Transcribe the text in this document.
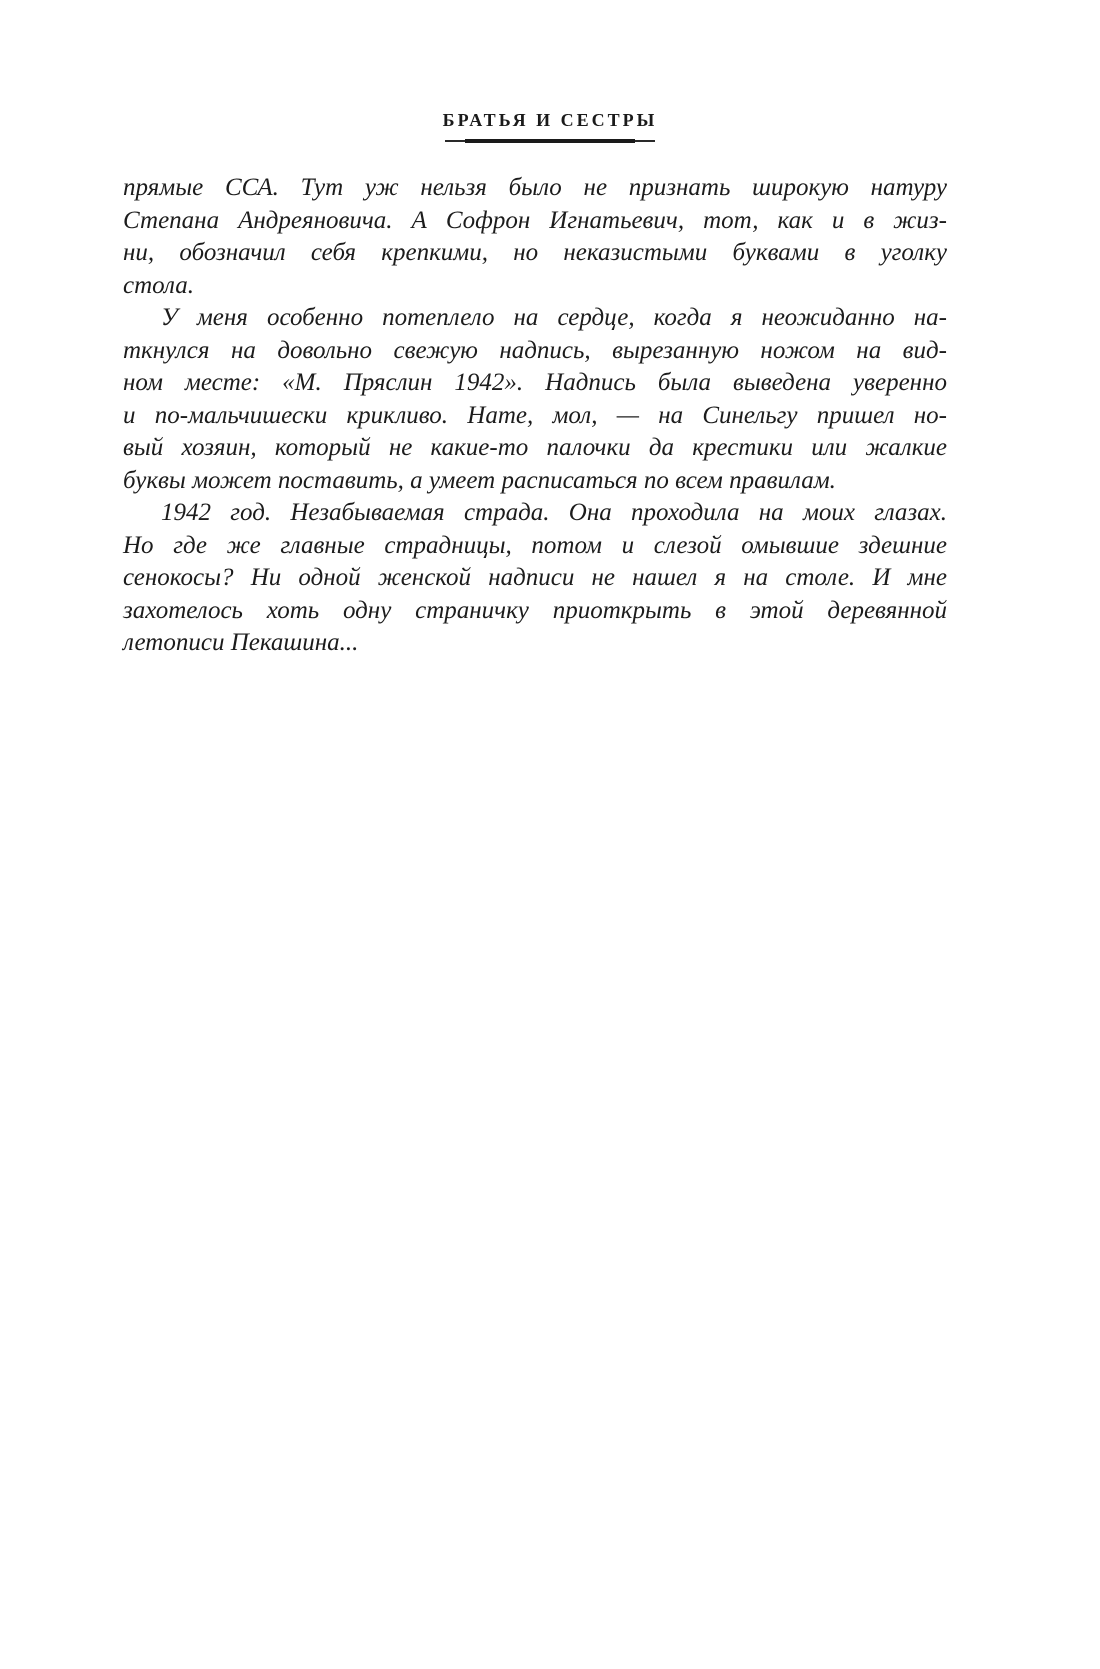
БРАТЬЯ И СЕСТРЫ
прямые ССА. Тут уж нельзя было не признать широкую натуру
Степана Андреяновича. А Софрон Игнатьевич, тот, как и в жиз-
ни, обозначил себя крепкими, но неказистыми буквами в уголку
стола.
У меня особенно потеплело на сердце, когда я неожиданно на-
ткнулся на довольно свежую надпись, вырезанную ножом на вид-
ном месте: «М. Пряслин 1942». Надпись была выведена уверенно
и по-мальчишески крикливо. Нате, мол, — на Синельгу пришел но-
вый хозяин, который не какие-то палочки да крестики или жалкие
буквы может поставить, а умеет расписаться по всем правилам.
1942 год. Незабываемая страда. Она проходила на моих глазах.
Но где же главные страдницы, потом и слезой омывшие здешние
сенокосы? Ни одной женской надписи не нашел я на столе. И мне
захотелось хоть одну страничку приоткрыть в этой деревянной
летописи Пекашина...
